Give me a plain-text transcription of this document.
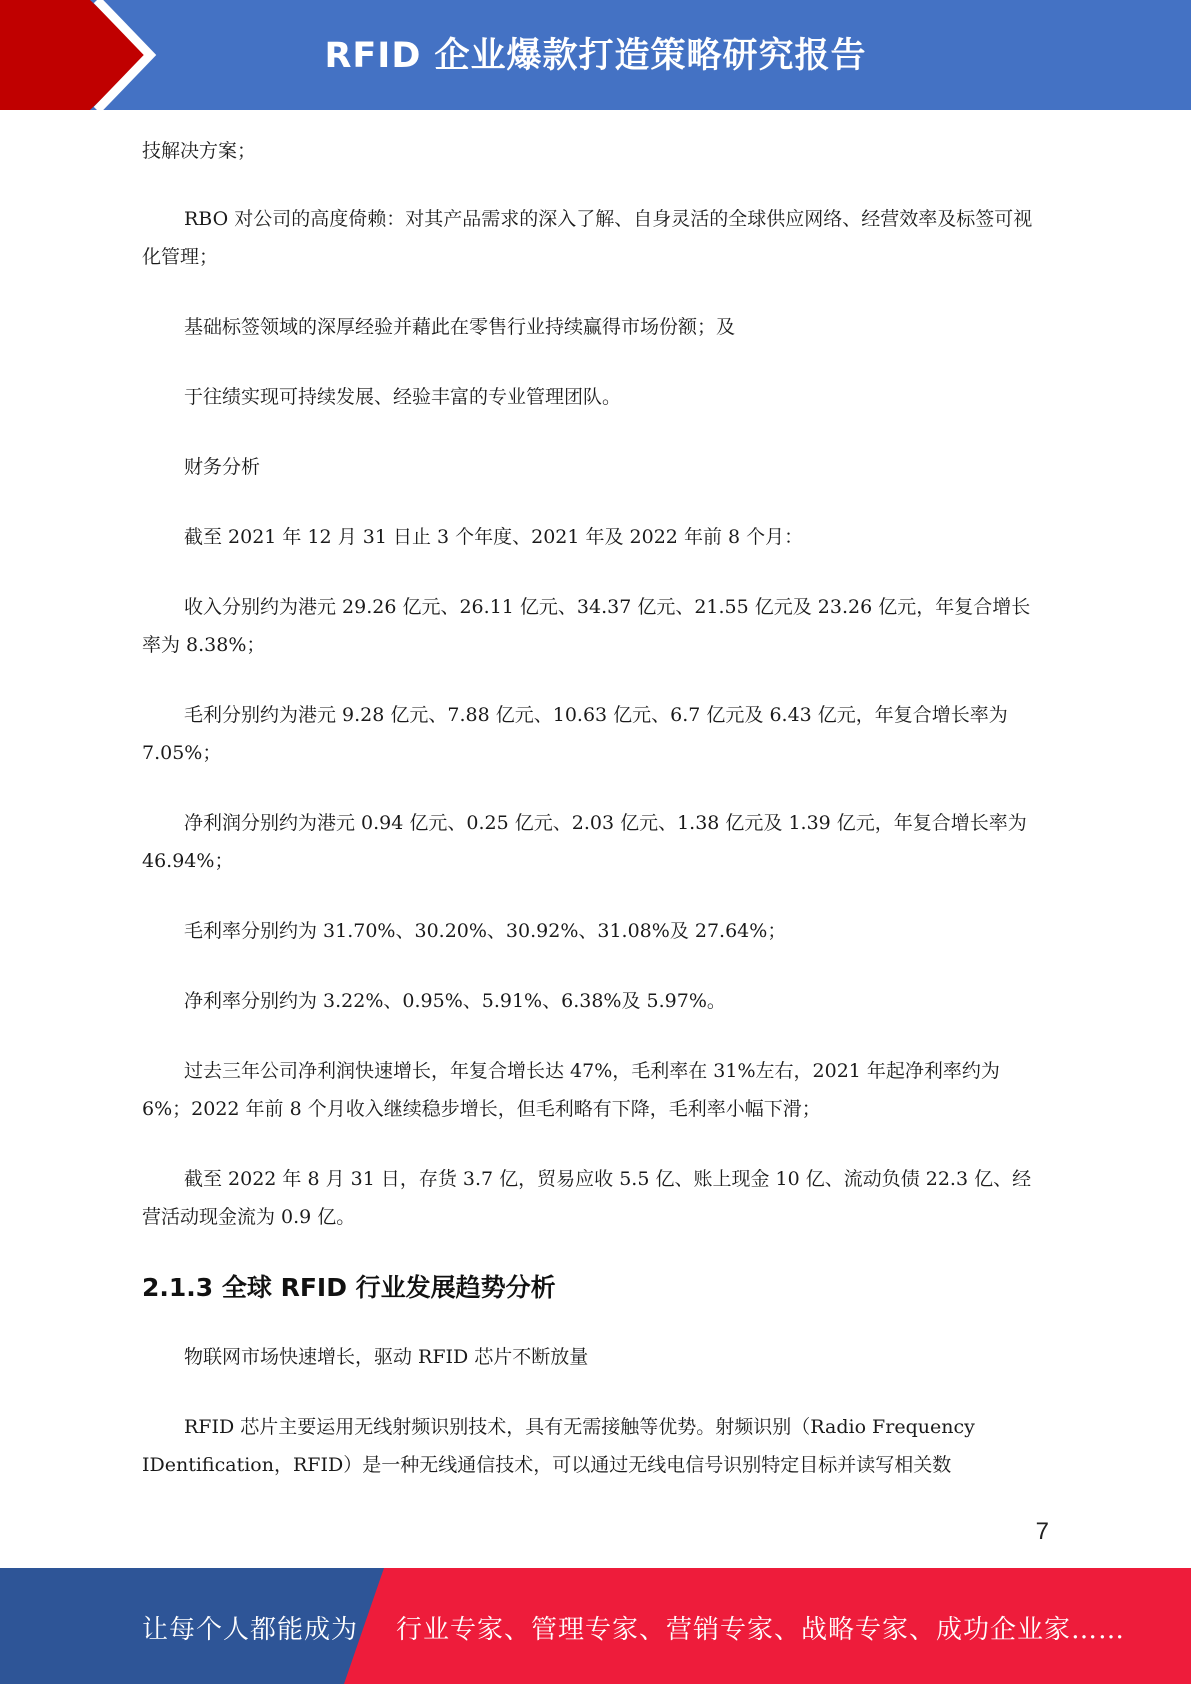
RFID 企业爆款打造策略研究报告

技解决方案；

RBO 对公司的高度倚赖：对其产品需求的深入了解、自身灵活的全球供应网络、经营效率及标签可视化管理；

基础标签领域的深厚经验并藉此在零售行业持续赢得市场份额；及

于往绩实现可持续发展、经验丰富的专业管理团队。

财务分析

截至 2021 年 12 月 31 日止 3 个年度、2021 年及 2022 年前 8 个月：

收入分别约为港元 29.26 亿元、26.11 亿元、34.37 亿元、21.55 亿元及 23.26 亿元，年复合增长率为 8.38%；

毛利分别约为港元 9.28 亿元、7.88 亿元、10.63 亿元、6.7 亿元及 6.43 亿元，年复合增长率为 7.05%；

净利润分别约为港元 0.94 亿元、0.25 亿元、2.03 亿元、1.38 亿元及 1.39 亿元，年复合增长率为 46.94%；

毛利率分别约为 31.70%、30.20%、30.92%、31.08%及 27.64%；

净利率分别约为 3.22%、0.95%、5.91%、6.38%及 5.97%。

过去三年公司净利润快速增长，年复合增长达 47%，毛利率在 31%左右，2021 年起净利率约为 6%；2022 年前 8 个月收入继续稳步增长，但毛利略有下降，毛利率小幅下滑；

截至 2022 年 8 月 31 日，存货 3.7 亿，贸易应收 5.5 亿、账上现金 10 亿、流动负债 22.3 亿、经营活动现金流为 0.9 亿。

2.1.3 全球 RFID 行业发展趋势分析

物联网市场快速增长，驱动 RFID 芯片不断放量

RFID 芯片主要运用无线射频识别技术，具有无需接触等优势。射频识别（Radio Frequency IDentification，RFID）是一种无线通信技术，可以通过无线电信号识别特定目标并读写相关数

7
让每个人都能成为 行业专家、管理专家、营销专家、战略专家、成功企业家……
